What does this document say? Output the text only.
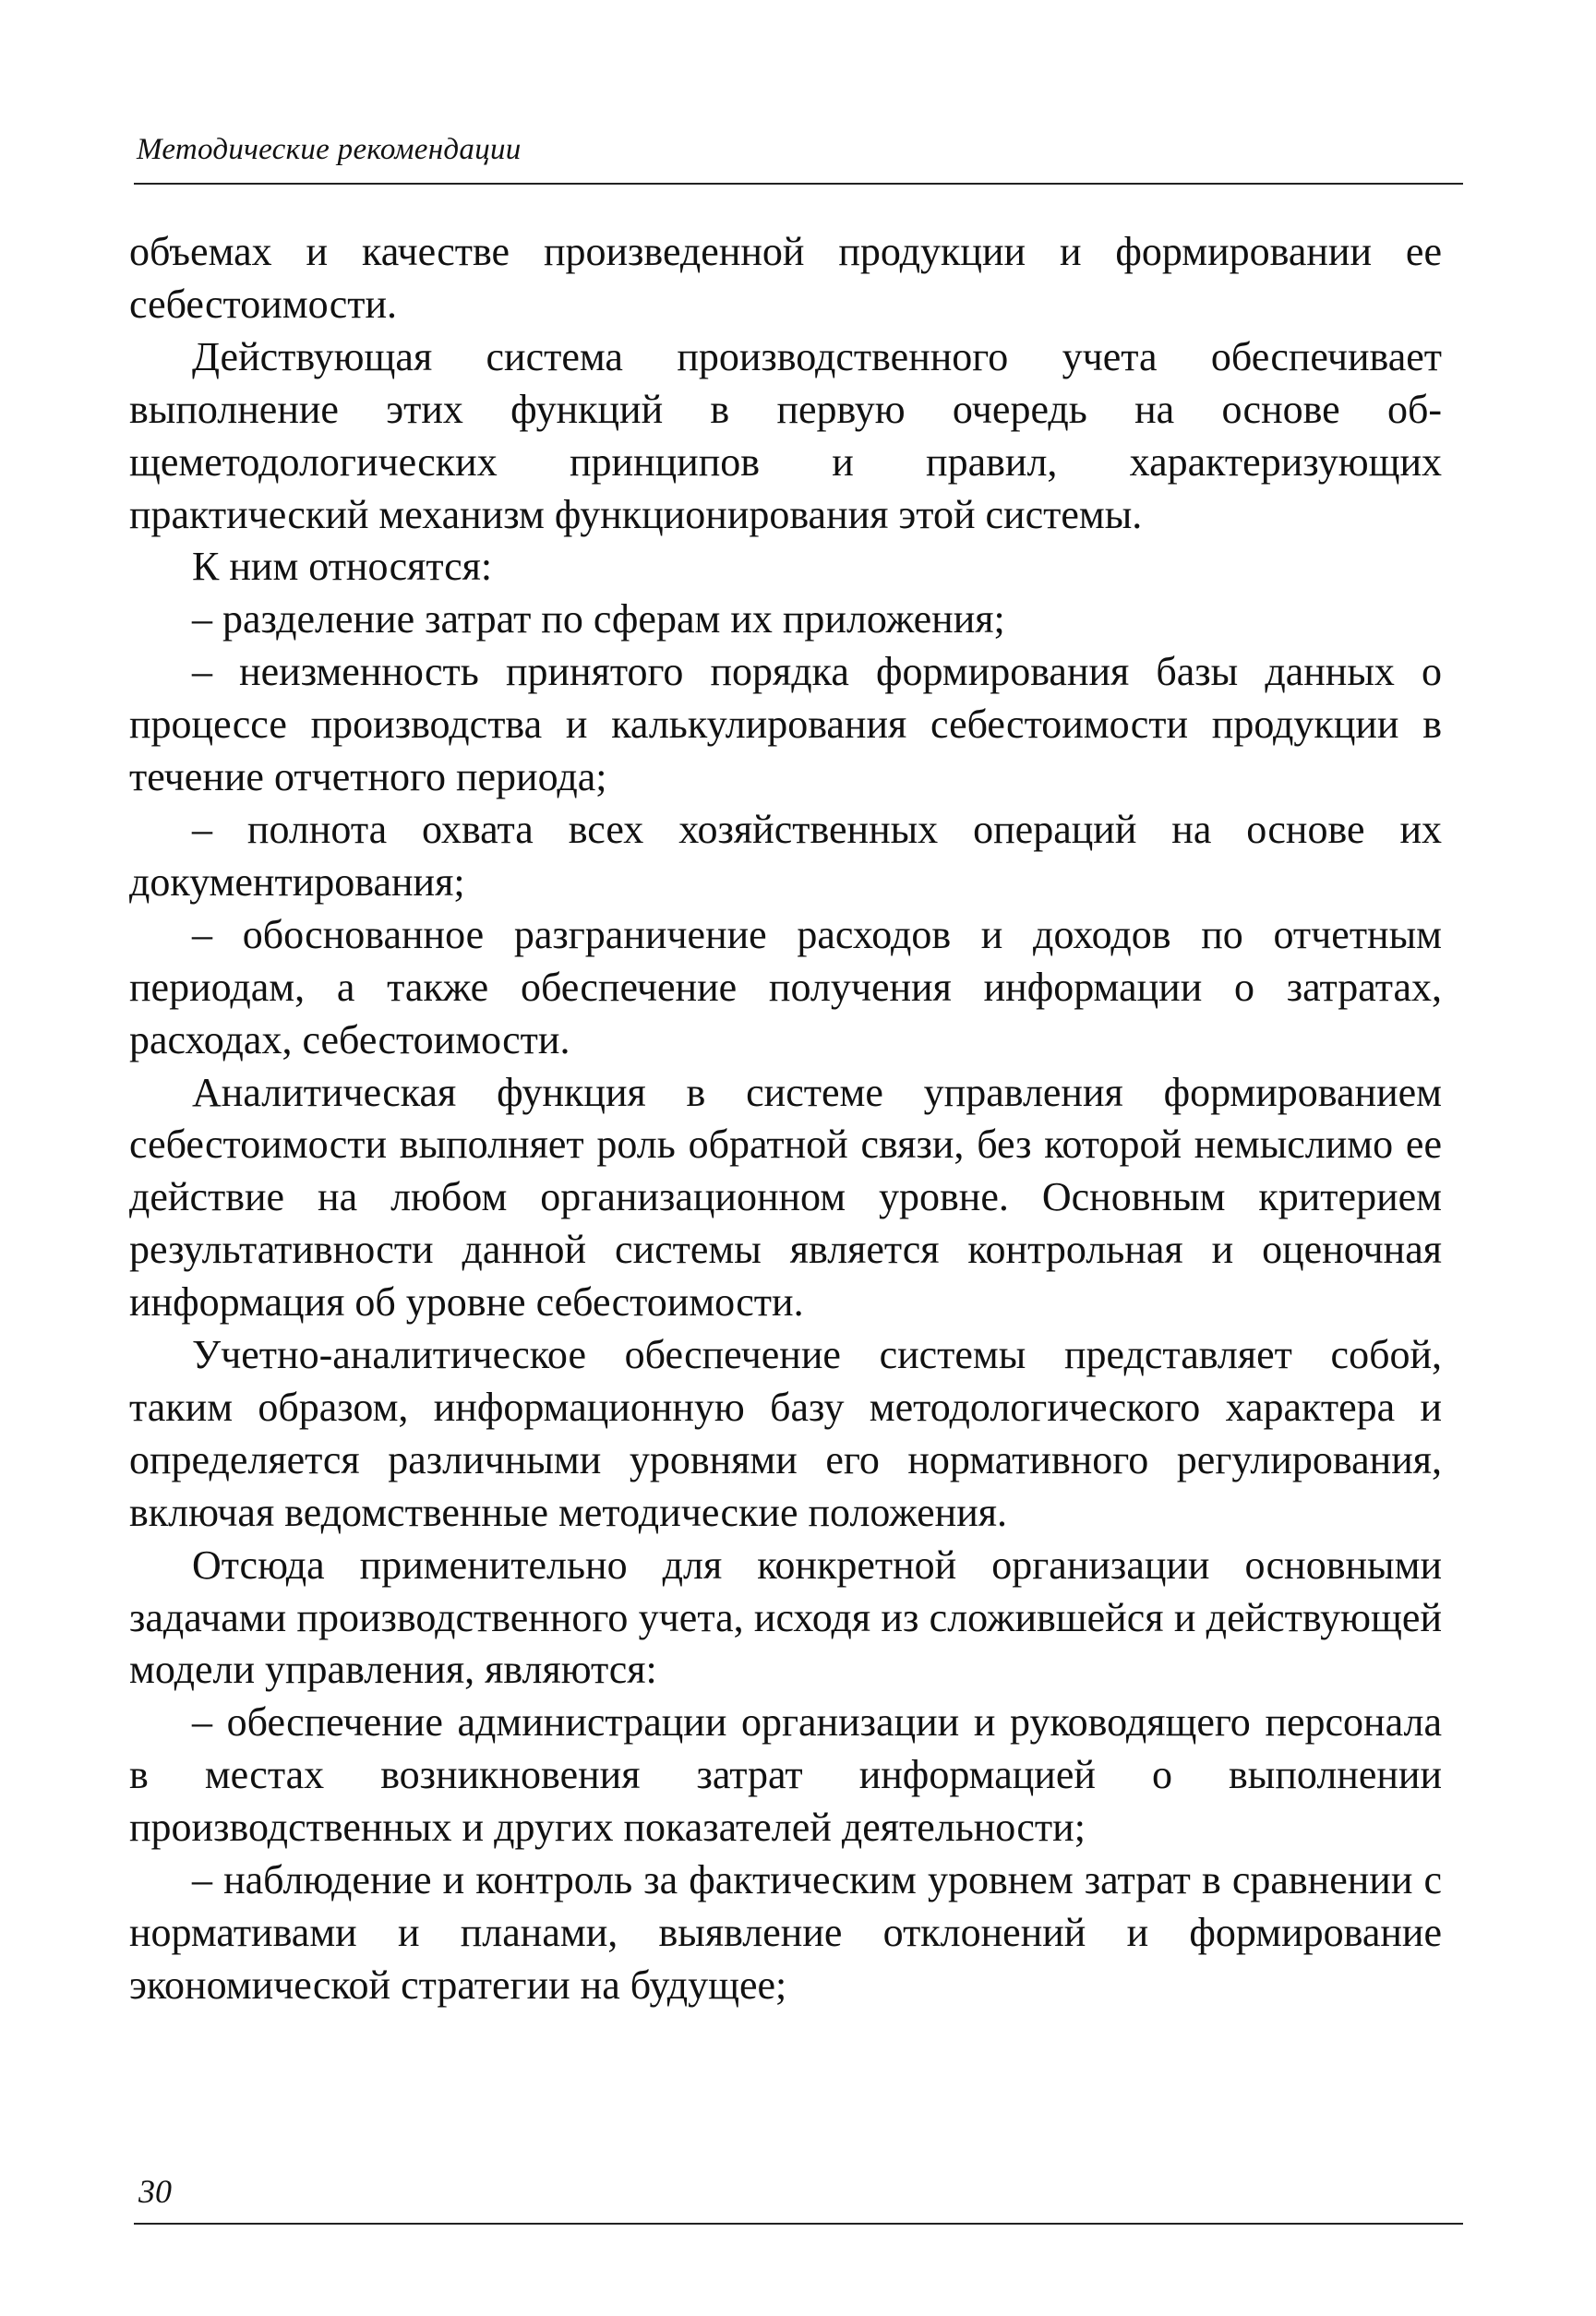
Методические рекомендации

объемах и качестве произведенной продукции и формировании ее себестоимости.

Действующая система производственного учета обеспечивает выполнение этих функций в первую очередь на основе общеметодологических принципов и правил, характеризующих практический механизм функционирования этой системы.

К ним относятся:

– разделение затрат по сферам их приложения;

– неизменность принятого порядка формирования базы данных о процессе производства и калькулирования себестоимости продукции в течение отчетного периода;

– полнота охвата всех хозяйственных операций на основе их документирования;

– обоснованное разграничение расходов и доходов по отчетным периодам, а также обеспечение получения информации о затратах, расходах, себестоимости.

Аналитическая функция в системе управления формированием себестоимости выполняет роль обратной связи, без которой немыслимо ее действие на любом организационном уровне. Основным критерием результативности данной системы является контрольная и оценочная информация об уровне себестоимости.

Учетно-аналитическое обеспечение системы представляет собой, таким образом, информационную базу методологического характера и определяется различными уровнями его нормативного регулирования, включая ведомственные методические положения.

Отсюда применительно для конкретной организации основными задачами производственного учета, исходя из сложившейся и действующей модели управления, являются:

– обеспечение администрации организации и руководящего персонала в местах возникновения затрат информацией о выполнении производственных и других показателей деятельности;

– наблюдение и контроль за фактическим уровнем затрат в сравнении с нормативами и планами, выявление отклонений и формирование экономической стратегии на будущее;

30
